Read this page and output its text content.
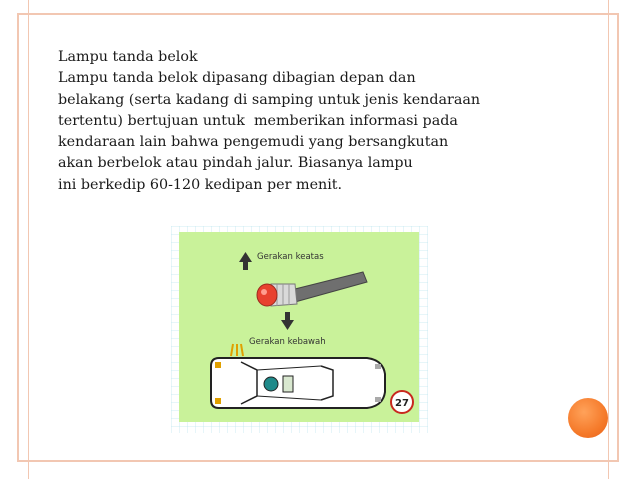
Lampu tanda belok
Lampu tanda belok dipasang dibagian depan dan
belakang (serta kadang di samping untuk jenis kendaraan
tertentu) bertujuan untuk  memberikan informasi pada
kendaraan lain bahwa pengemudi yang bersangkutan
akan berbelok atau pindah jalur. Biasanya lampu
ini berkedip 60-120 kedipan per menit.
Gerakan keatas
Gerakan kebawah
27
